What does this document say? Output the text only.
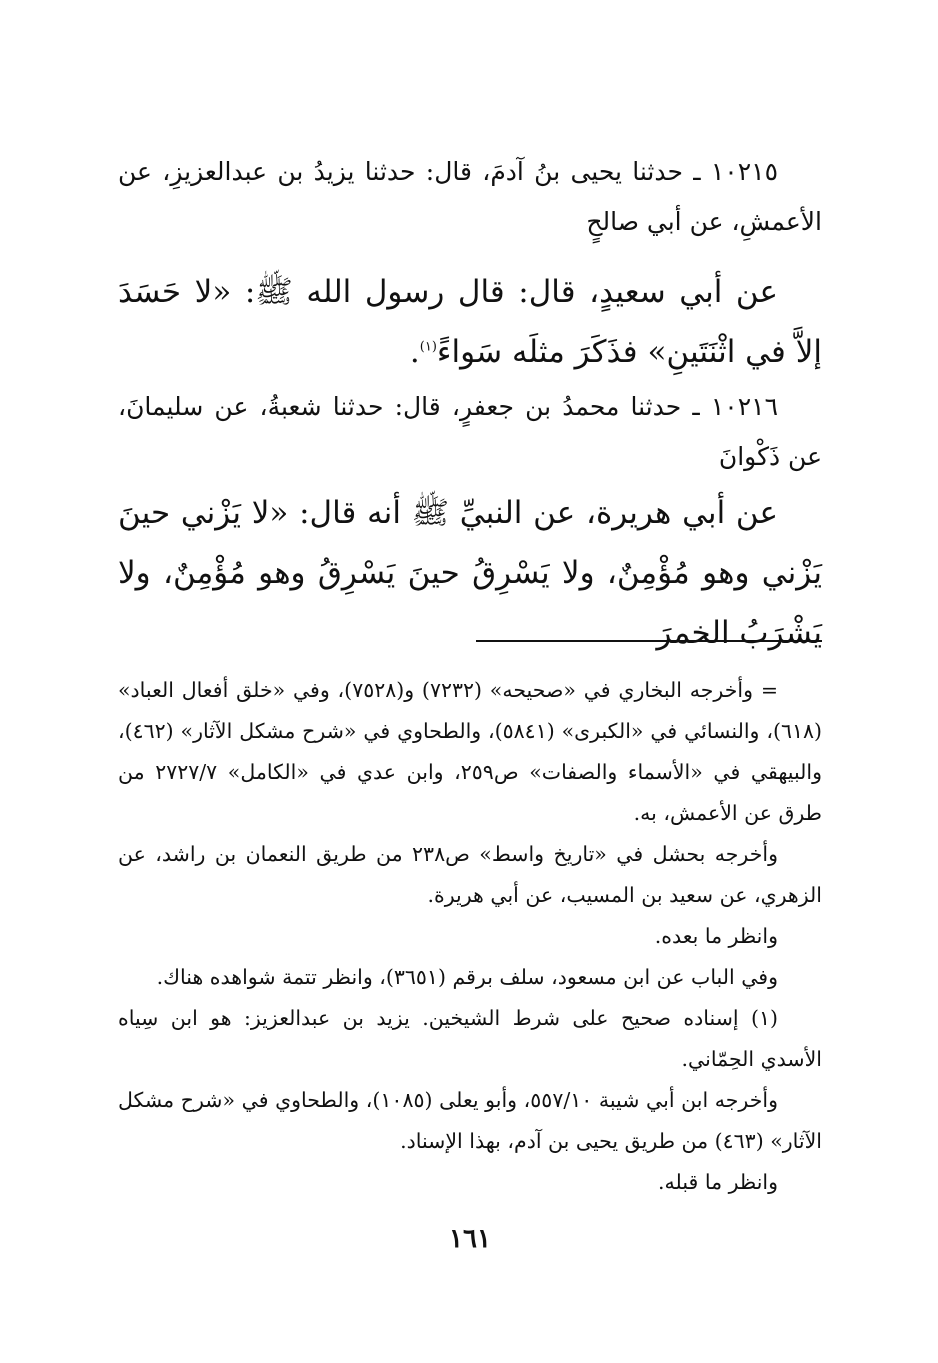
١٠٢١٥ ـ حدثنا يحيى بنُ آدمَ، قال: حدثنا يزيدُ بن عبدالعزيزِ، عن الأعمشِ، عن أبي صالحٍ

عن أبي سعيدٍ، قال: قال رسول الله ﷺ: «لا حَسَدَ إلاَّ في اثْنَتَينِ» فذَكَرَ مثلَه سَواءً$^{(١)}$.

١٠٢١٦ ـ حدثنا محمدُ بن جعفرٍ، قال: حدثنا شعبةُ، عن سليمانَ، عن ذَكْوانَ

عن أبي هريرة، عن النبيِّ ﷺ أنه قال: «لا يَزْني حينَ يَزْني وهو مُؤْمِنٌ، ولا يَسْرِقُ حينَ يَسْرِقُ وهو مُؤْمِنٌ، ولا يَشْرَبُ الخمرَ

= وأخرجه البخاري في «صحيحه» (٧٢٣٢) و(٧٥٢٨)، وفي «خلق أفعال العباد» (٦١٨)، والنسائي في «الكبرى» (٥٨٤١)، والطحاوي في «شرح مشكل الآثار» (٤٦٢)، والبيهقي في «الأسماء والصفات» ص٢٥٩، وابن عدي في «الكامل» ٢٧٢٧/٧ من طرق عن الأعمش، به.

وأخرجه بحشل في «تاريخ واسط» ص٢٣٨ من طريق النعمان بن راشد، عن الزهري، عن سعيد بن المسيب، عن أبي هريرة.

وانظر ما بعده.

وفي الباب عن ابن مسعود، سلف برقم (٣٦٥١)، وانظر تتمة شواهده هناك.

(١) إسناده صحيح على شرط الشيخين. يزيد بن عبدالعزيز: هو ابن سِياه الأسدي الحِمّاني.

وأخرجه ابن أبي شيبة ٥٥٧/١٠، وأبو يعلى (١٠٨٥)، والطحاوي في «شرح مشكل الآثار» (٤٦٣) من طريق يحيى بن آدم، بهذا الإسناد.

وانظر ما قبله.

١٦١
